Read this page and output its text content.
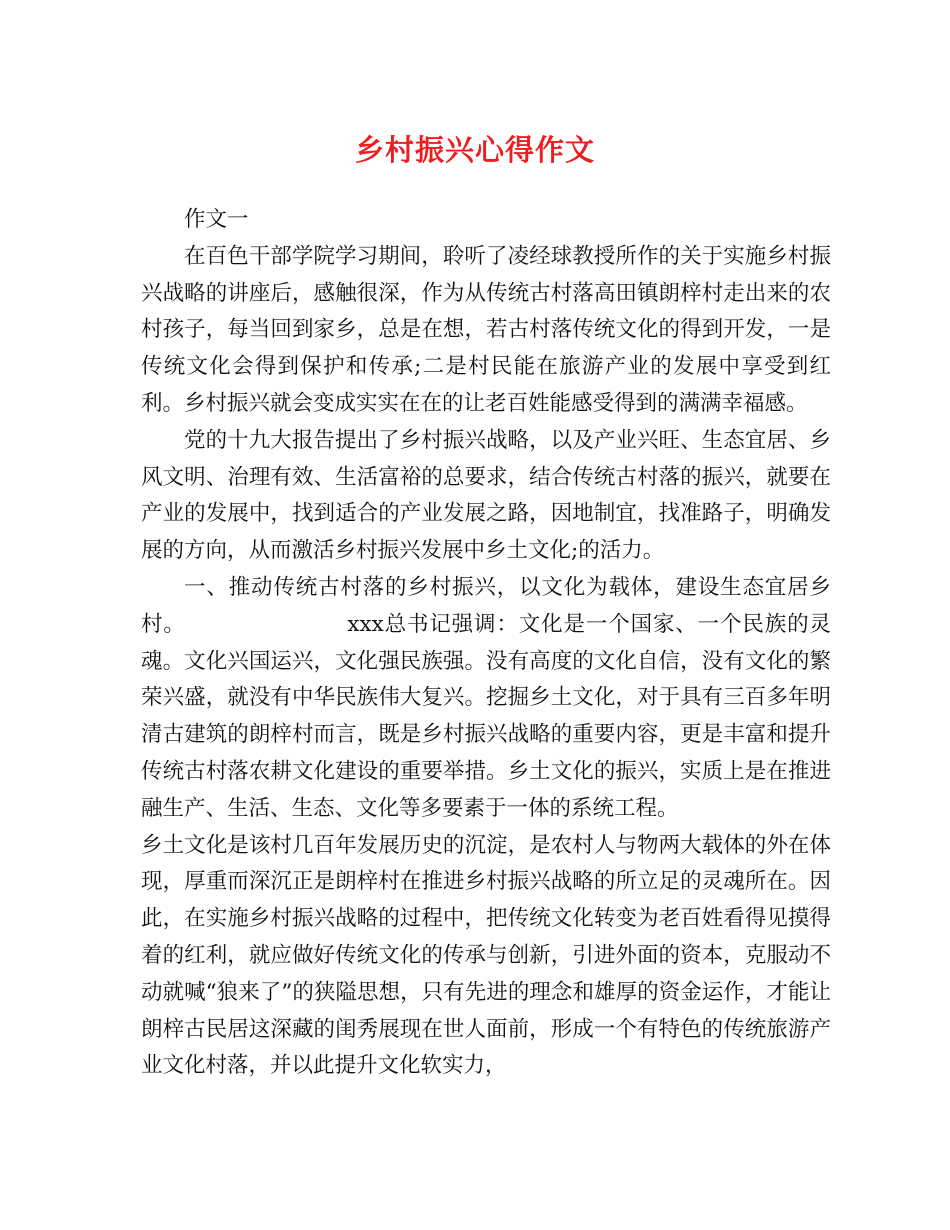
乡村振兴心得作文

作文一

在百色干部学院学习期间，聆听了凌经球教授所作的关于实施乡村振兴战略的讲座后，感触很深，作为从传统古村落高田镇朗梓村走出来的农村孩子，每当回到家乡，总是在想，若古村落传统文化的得到开发，一是传统文化会得到保护和传承;二是村民能在旅游产业的发展中享受到红利。乡村振兴就会变成实实在在的让老百姓能感受得到的满满幸福感。

党的十九大报告提出了乡村振兴战略，以及产业兴旺、生态宜居、乡风文明、治理有效、生活富裕的总要求，结合传统古村落的振兴，就要在产业的发展中，找到适合的产业发展之路，因地制宜，找准路子，明确发展的方向，从而激活乡村振兴发展中乡土文化;的活力。

一、推动传统古村落的乡村振兴，以文化为载体，建设生态宜居乡村。	xxx总书记强调：文化是一个国家、一个民族的灵魂。文化兴国运兴，文化强民族强。没有高度的文化自信，没有文化的繁荣兴盛，就没有中华民族伟大复兴。挖掘乡土文化，对于具有三百多年明清古建筑的朗梓村而言，既是乡村振兴战略的重要内容，更是丰富和提升传统古村落农耕文化建设的重要举措。乡土文化的振兴，实质上是在推进融生产、生活、生态、文化等多要素于一体的系统工程。

乡土文化是该村几百年发展历史的沉淀，是农村人与物两大载体的外在体现，厚重而深沉正是朗梓村在推进乡村振兴战略的所立足的灵魂所在。因此，在实施乡村振兴战略的过程中，把传统文化转变为老百姓看得见摸得着的红利，就应做好传统文化的传承与创新，引进外面的资本，克服动不动就喊“狼来了”的狭隘思想，只有先进的理念和雄厚的资金运作，才能让朗梓古民居这深藏的闺秀展现在世人面前，形成一个有特色的传统旅游产业文化村落，并以此提升文化软实力，
